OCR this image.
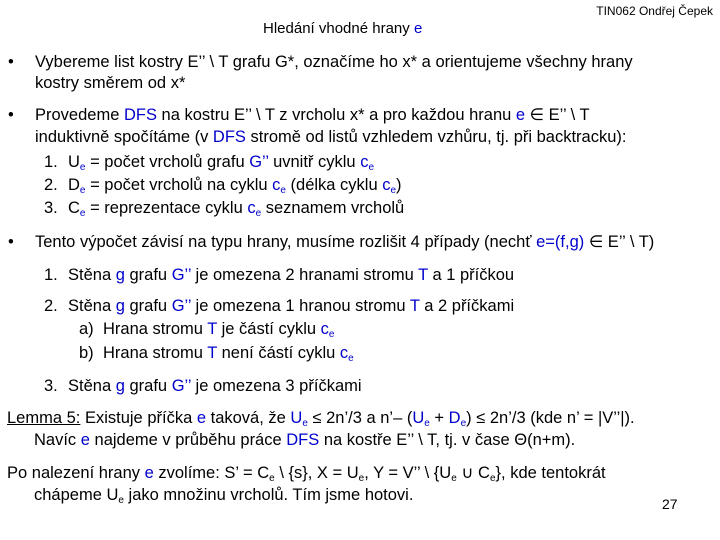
TIN062 Ondřej Čepek
Hledání vhodné hrany e
• Vybereme list kostry E’’ \ T grafu G*, označíme ho x* a orientujeme všechny hrany
kostry směrem od x*
• Provedeme DFS na kostru E’’ \ T z vrcholu x* a pro každou hranu e ∈ E’’ \ T
induktivně spočítáme (v DFS stromě od listů vzhledem vzhůru, tj. při backtracku):
1. $U_e$ = počet vrcholů grafu G’’ uvnitř cyklu $c_e$
2. $D_e$ = počet vrcholů na cyklu $c_e$ (délka cyklu $c_e$)
3. $C_e$ = reprezentace cyklu $c_e$ seznamem vrcholů
• Tento výpočet závisí na typu hrany, musíme rozlišit 4 případy (nechť e=(f,g) ∈ E’’ \ T)
1. Stěna g grafu G’’ je omezena 2 hranami stromu T a 1 příčkou
2. Stěna g grafu G’’ je omezena 1 hranou stromu T a 2 příčkami
a) Hrana stromu T je částí cyklu $c_e$
b) Hrana stromu T není částí cyklu $c_e$
3. Stěna g grafu G’’ je omezena 3 příčkami
Lemma 5: Existuje příčka e taková, že $U_e$ ≤ 2n’/3 a n’– $(U_e + D_e)$ ≤ 2n’/3 (kde n’ = |V’’|).
Navíc e najdeme v průběhu práce DFS na kostře E’’ \ T, tj. v čase Θ(n+m).
Po nalezení hrany e zvolíme: S’ = $C_e$ \ {s}, $X = U_e$, Y = V’’ \ {$U_e$ ∪ $C_e$}, kde tentokrát
chápeme $U_e$ jako množinu vrcholů. Tím jsme hotovi.	27
